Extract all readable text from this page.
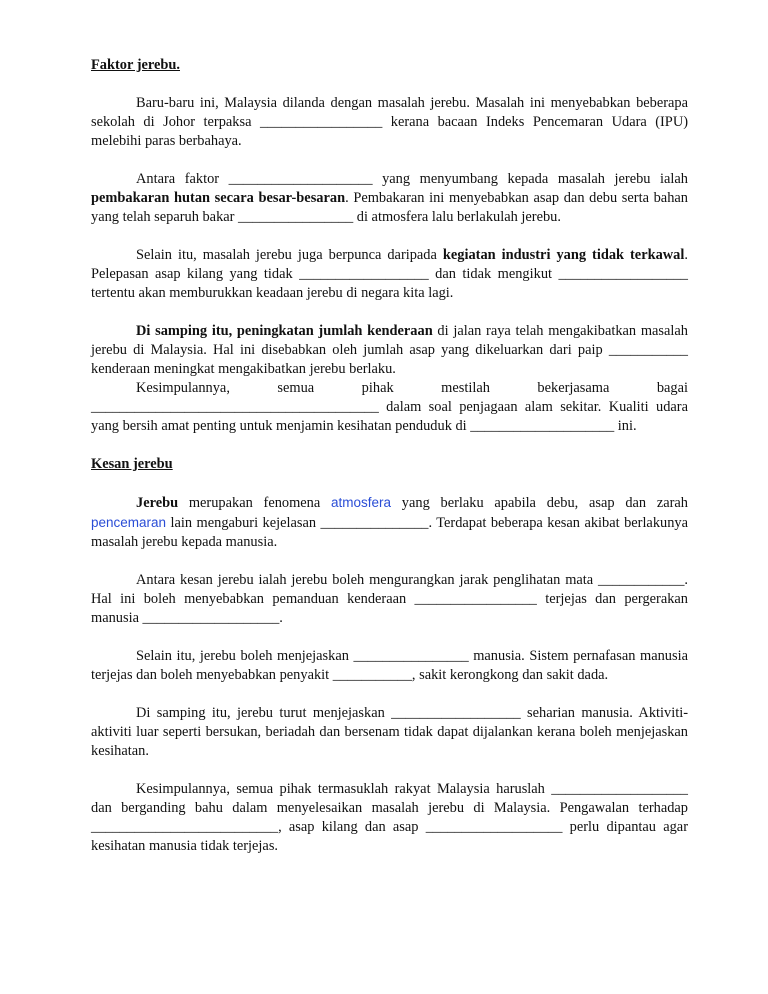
Faktor jerebu.

Baru-baru ini, Malaysia dilanda dengan masalah jerebu. Masalah ini menyebabkan beberapa sekolah di Johor terpaksa _________________ kerana bacaan Indeks Pencemaran Udara (IPU) melebihi paras berbahaya.

Antara faktor ____________________ yang menyumbang kepada masalah jerebu ialah pembakaran hutan secara besar-besaran. Pembakaran ini menyebabkan asap dan debu serta bahan yang telah separuh bakar ________________ di atmosfera lalu berlakulah jerebu.

Selain itu, masalah jerebu juga berpunca daripada kegiatan industri yang tidak terkawal. Pelepasan asap kilang yang tidak __________________ dan tidak mengikut __________________ tertentu akan memburukkan keadaan jerebu di negara kita lagi.

Di samping itu, peningkatan jumlah kenderaan di jalan raya telah mengakibatkan masalah jerebu di Malaysia. Hal ini disebabkan oleh jumlah asap yang dikeluarkan dari paip ___________ kenderaan meningkat mengakibatkan jerebu berlaku.

Kesimpulannya, semua pihak mestilah bekerjasama bagai ________________________________________ dalam soal penjagaan alam sekitar. Kualiti udara yang bersih amat penting untuk menjamin kesihatan penduduk di ____________________ ini.

Kesan jerebu

Jerebu merupakan fenomena atmosfera yang berlaku apabila debu, asap dan zarah pencemaran lain mengaburi kejelasan _______________. Terdapat beberapa kesan akibat berlakunya masalah jerebu kepada manusia.

Antara kesan jerebu ialah jerebu boleh mengurangkan jarak penglihatan mata ____________. Hal ini boleh menyebabkan pemanduan kenderaan _________________ terjejas dan pergerakan manusia ___________________.

Selain itu, jerebu boleh menjejaskan ________________ manusia. Sistem pernafasan manusia terjejas dan boleh menyebabkan penyakit ___________, sakit kerongkong dan sakit dada.

Di samping itu, jerebu turut menjejaskan __________________ seharian manusia. Aktiviti-aktiviti luar seperti bersukan, beriadah dan bersenam tidak dapat dijalankan kerana boleh menjejaskan kesihatan.

Kesimpulannya, semua pihak termasuklah rakyat Malaysia haruslah ___________________ dan berganding bahu dalam menyelesaikan masalah jerebu di Malaysia. Pengawalan terhadap __________________________, asap kilang dan asap ___________________ perlu dipantau agar kesihatan manusia tidak terjejas.
